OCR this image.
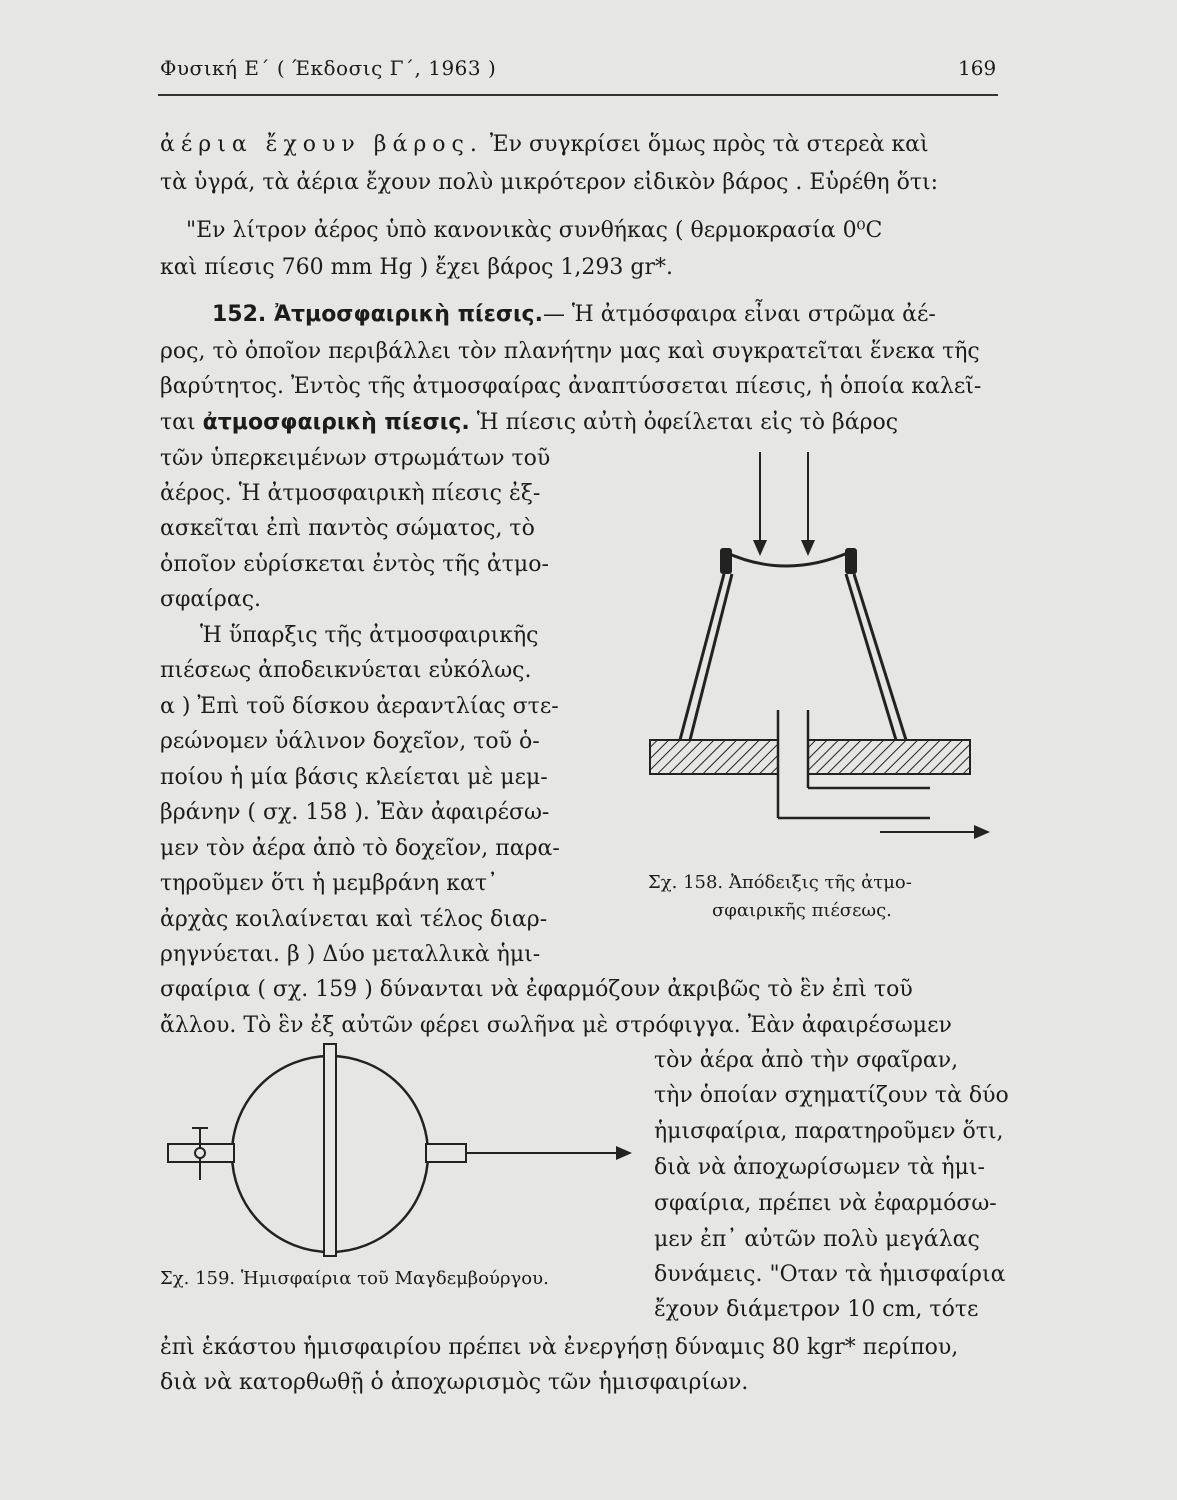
Φυσική Ε΄ ( Έκδοσις Γ΄, 1963 )	169
ἀέρια ἔχουν βάρος. Ἐν συγκρίσει ὅμως πρὸς τὰ στερεὰ καὶ
τὰ ὑγρά, τὰ ἀέρια ἔχουν πολὺ μικρότερον εἰδικὸν βάρος . Εὑρέθη ὅτι:
"Εν λίτρον ἀέρος ὑπὸ κανονικὰς συνθήκας ( θερμοκρασία 0⁰C
καὶ πίεσις 760 mm Hg ) ἔχει βάρος 1,293 gr*.
152. Ἀτμοσφαιρικὴ πίεσις.— Ἡ ἀτμόσφαιρα εἶναι στρῶμα ἀέ-
ρος, τὸ ὁποῖον περιβάλλει τὸν πλανήτην μας καὶ συγκρατεῖται ἕνεκα τῆς
βαρύτητος. Ἐντὸς τῆς ἀτμοσφαίρας ἀναπτύσσεται πίεσις, ἡ ὁποία καλεῖ-
ται ἀτμοσφαιρικὴ πίεσις. Ἡ πίεσις αὐτὴ ὀφείλεται εἰς τὸ βάρος
τῶν ὑπερκειμένων στρωμάτων τοῦ
ἀέρος. Ἡ ἀτμοσφαιρικὴ πίεσις ἐξ-
ασκεῖται ἐπὶ παντὸς σώματος, τὸ
ὁποῖον εὑρίσκεται ἐντὸς τῆς ἀτμο-
σφαίρας.
Ἡ ὕπαρξις τῆς ἀτμοσφαιρικῆς
πιέσεως ἀποδεικνύεται εὐκόλως.
α ) Ἐπὶ τοῦ δίσκου ἀεραντλίας στε-
ρεώνομεν ὑάλινον δοχεῖον, τοῦ ὁ-
ποίου ἡ μία βάσις κλείεται μὲ μεμ-
βράνην ( σχ. 158 ). Ἐὰν ἀφαιρέσω-
μεν τὸν ἀέρα ἀπὸ τὸ δοχεῖον, παρα-
τηροῦμεν ὅτι ἡ μεμβράνη κατ᾽
ἀρχὰς κοιλαίνεται καὶ τέλος διαρ-
ρηγνύεται. β ) Δύο μεταλλικὰ ἡμι-
Σχ. 158. Ἀπόδειξις τῆς ἀτμο-
σφαιρικῆς πιέσεως.
σφαίρια ( σχ. 159 ) δύνανται νὰ ἐφαρμόζουν ἀκριβῶς τὸ ἓν ἐπὶ τοῦ
ἄλλου. Τὸ ἓν ἐξ αὐτῶν φέρει σωλῆνα μὲ στρόφιγγα. Ἐὰν ἀφαιρέσωμεν
Σχ. 159. Ἡμισφαίρια τοῦ Μαγδεμβούργου.
τὸν ἀέρα ἀπὸ τὴν σφαῖραν,
τὴν ὁποίαν σχηματίζουν τὰ δύο
ἡμισφαίρια, παρατηροῦμεν ὅτι,
διὰ νὰ ἀποχωρίσωμεν τὰ ἡμι-
σφαίρια, πρέπει νὰ ἐφαρμόσω-
μεν ἐπ᾽ αὐτῶν πολὺ μεγάλας
δυνάμεις. "Οταν τὰ ἡμισφαίρια
ἔχουν διάμετρον 10 cm, τότε
ἐπὶ ἑκάστου ἡμισφαιρίου πρέπει νὰ ἐνεργήσῃ δύναμις 80 kgr* περίπου,
διὰ νὰ κατορθωθῇ ὁ ἀποχωρισμὸς τῶν ἡμισφαιρίων.
